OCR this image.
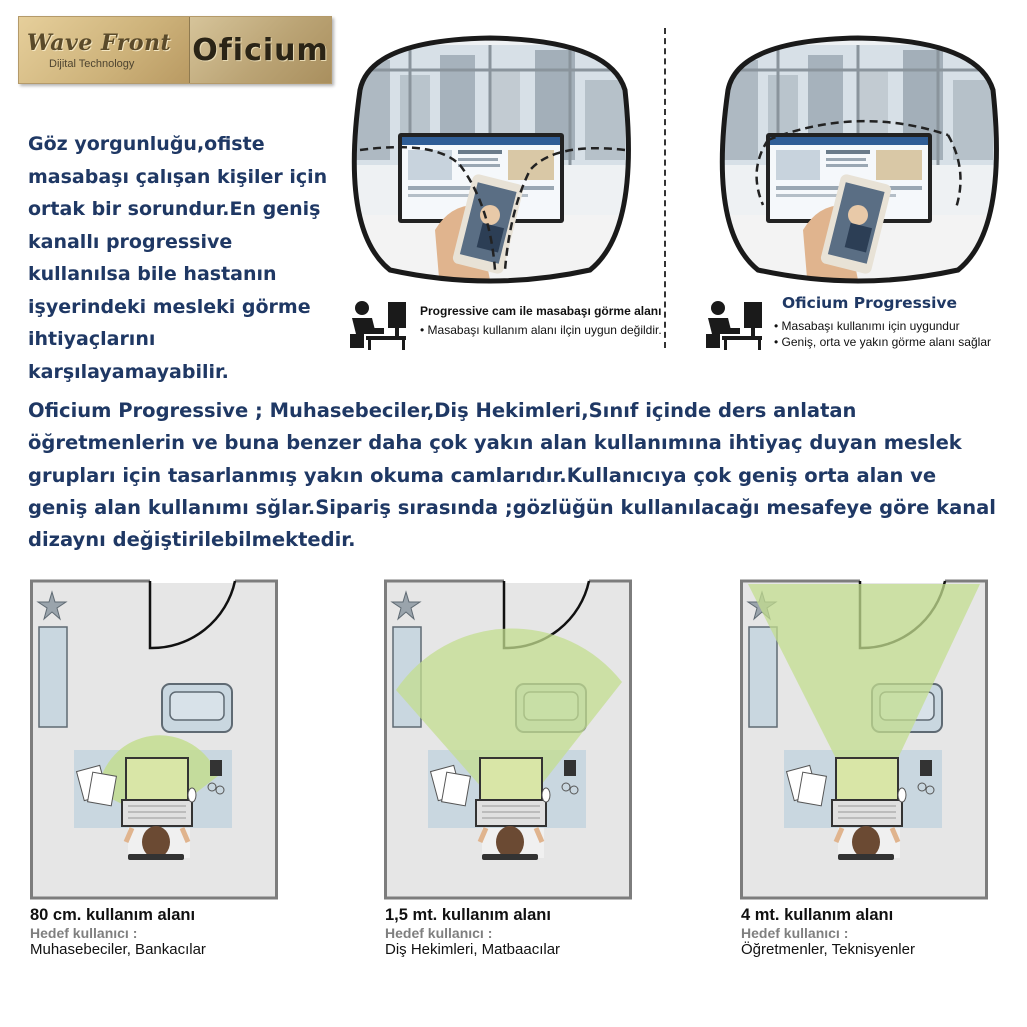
Wave Front
Dijital Technology	Oficium
Göz yorgunluğu,ofiste
masabaşı çalışan kişiler için
ortak bir sorundur.En geniş
kanallı progressive
kullanılsa bile hastanın
işyerindeki mesleki görme
ihtiyaçlarını
karşılayamayabilir.
Progressive cam ile masabaşı görme alanı
• Masabaşı kullanım alanı ilçin uygun değildir.
Oficium Progressive
• Masabaşı kullanımı için uygundur
• Geniş, orta ve yakın görme alanı sağlar
Oficium Progressive ; Muhasebeciler,Diş Hekimleri,Sınıf içinde ders anlatan
öğretmenlerin ve buna benzer daha çok yakın alan kullanımına ihtiyaç duyan meslek
grupları için tasarlanmış yakın okuma camlarıdır.Kullanıcıya çok geniş orta alan ve
geniş alan kullanımı sğlar.Sipariş sırasında ;gözlüğün kullanılacağı mesafeye göre kanal
dizaynı değiştirilebilmektedir.
80 cm. kullanım alanı
Hedef kullanıcı :
Muhasebeciler, Bankacılar
1,5 mt. kullanım alanı
Hedef kullanıcı :
Diş Hekimleri, Matbaacılar
4 mt. kullanım alanı
Hedef kullanıcı :
Öğretmenler, Teknisyenler
